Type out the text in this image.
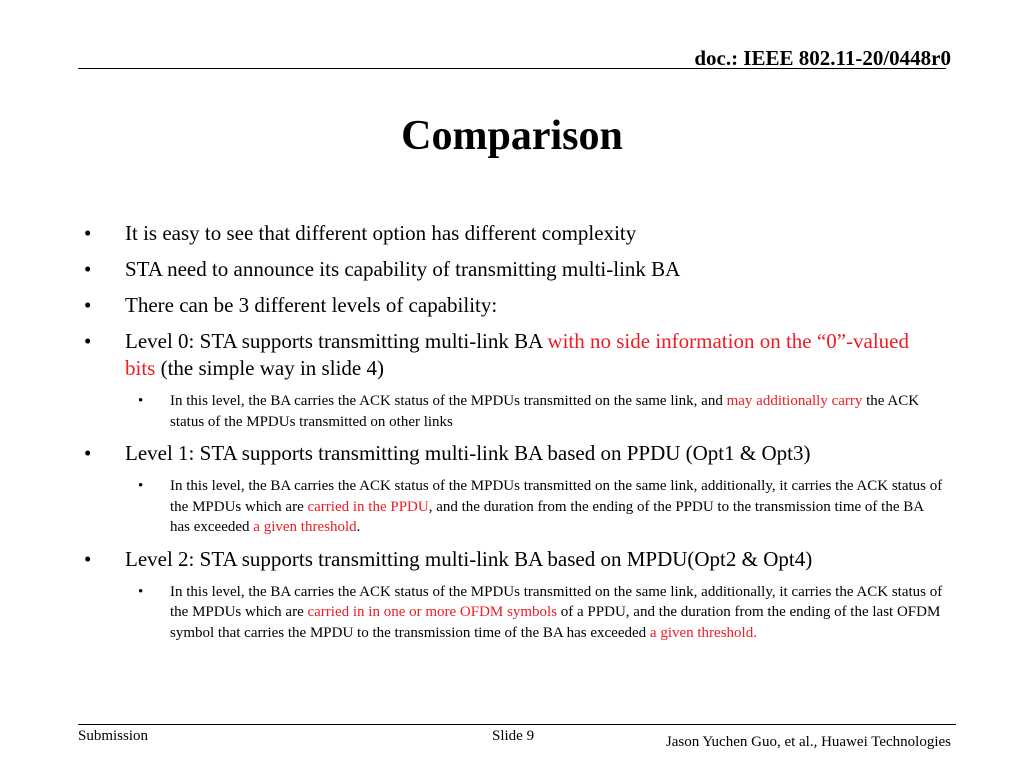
doc.: IEEE 802.11-20/0448r0
Comparison
• It is easy to see that different option has different complexity
• STA need to announce its capability of transmitting multi-link BA
• There can be 3 different levels of capability:
• Level 0: STA supports transmitting multi-link BA with no side information on the “0”-valued bits (the simple way in slide 4)
• In this level, the BA carries the ACK status of the MPDUs transmitted on the same link, and may additionally carry the ACK status of the MPDUs transmitted on other links
• Level 1: STA supports transmitting multi-link BA based on PPDU (Opt1 & Opt3)
• In this level, the BA carries the ACK status of the MPDUs transmitted on the same link, additionally, it carries the ACK status of the MPDUs which are carried in the PPDU, and the duration from the ending of the PPDU to the transmission time of the BA has exceeded a given threshold.
• Level 2: STA supports transmitting multi-link BA based on MPDU(Opt2 & Opt4)
• In this level, the BA carries the ACK status of the MPDUs transmitted on the same link, additionally, it carries the ACK status of the MPDUs which are carried in in one or more OFDM symbols of a PPDU, and the duration from the ending of the last OFDM symbol that carries the MPDU to the transmission time of the BA has exceeded a given threshold.
Submission	Slide 9	Jason Yuchen Guo, et al., Huawei Technologies
